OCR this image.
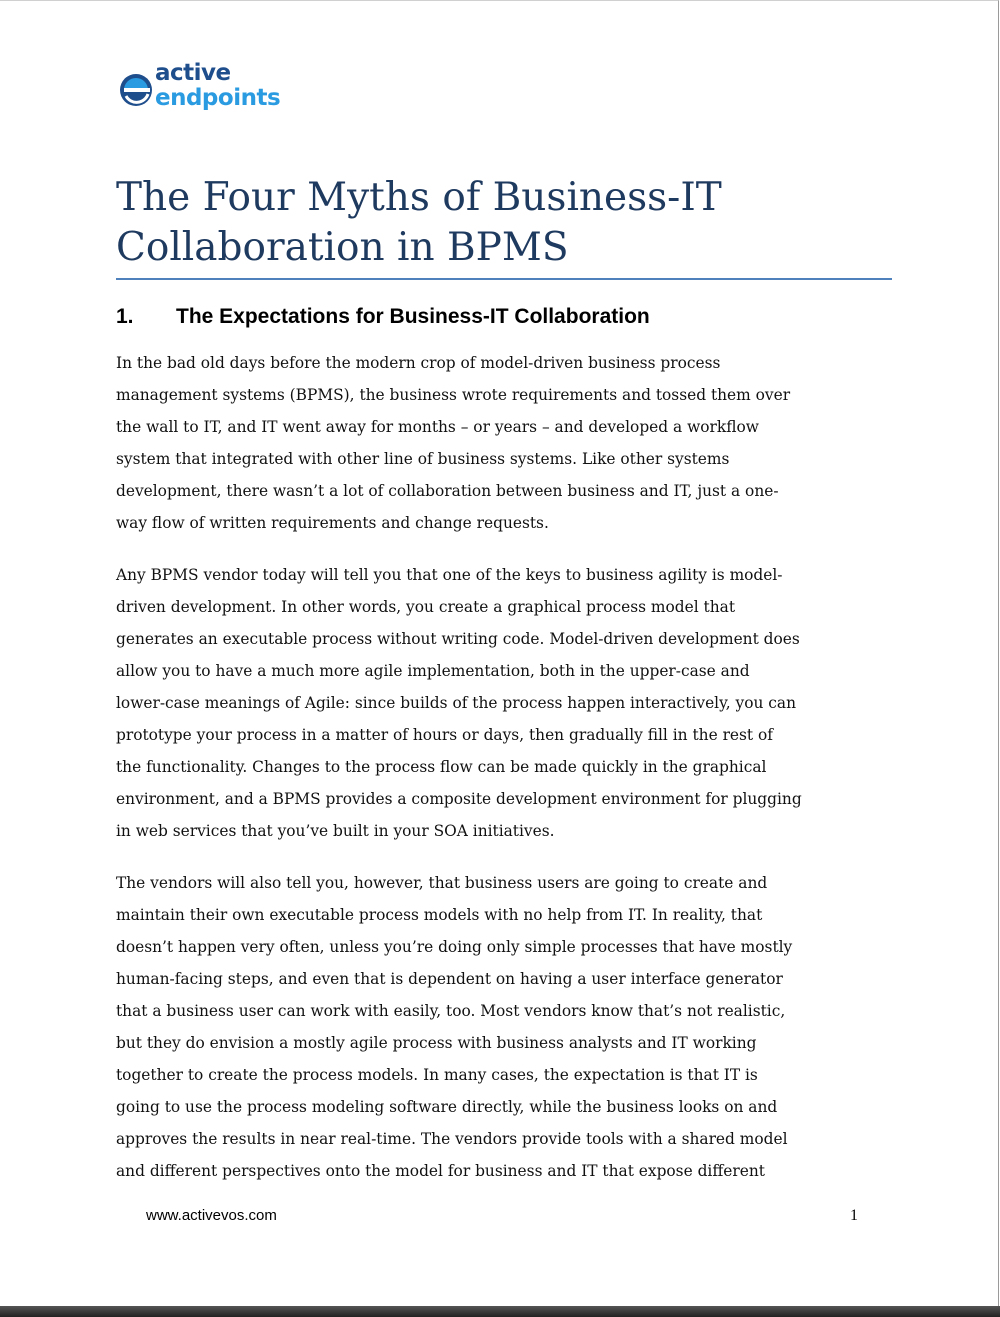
active
endpoints
The Four Myths of Business-IT
Collaboration in BPMS
1. The Expectations for Business-IT Collaboration

In the bad old days before the modern crop of model-driven business process
management systems (BPMS), the business wrote requirements and tossed them over
the wall to IT, and IT went away for months – or years – and developed a workflow
system that integrated with other line of business systems. Like other systems
development, there wasn’t a lot of collaboration between business and IT, just a one-
way flow of written requirements and change requests.

Any BPMS vendor today will tell you that one of the keys to business agility is model-
driven development. In other words, you create a graphical process model that
generates an executable process without writing code. Model-driven development does
allow you to have a much more agile implementation, both in the upper-case and
lower-case meanings of Agile: since builds of the process happen interactively, you can
prototype your process in a matter of hours or days, then gradually fill in the rest of
the functionality. Changes to the process flow can be made quickly in the graphical
environment, and a BPMS provides a composite development environment for plugging
in web services that you’ve built in your SOA initiatives.

The vendors will also tell you, however, that business users are going to create and
maintain their own executable process models with no help from IT. In reality, that
doesn’t happen very often, unless you’re doing only simple processes that have mostly
human-facing steps, and even that is dependent on having a user interface generator
that a business user can work with easily, too. Most vendors know that’s not realistic,
but they do envision a mostly agile process with business analysts and IT working
together to create the process models. In many cases, the expectation is that IT is
going to use the process modeling software directly, while the business looks on and
approves the results in near real-time. The vendors provide tools with a shared model
and different perspectives onto the model for business and IT that expose different

www.activevos.com	1
